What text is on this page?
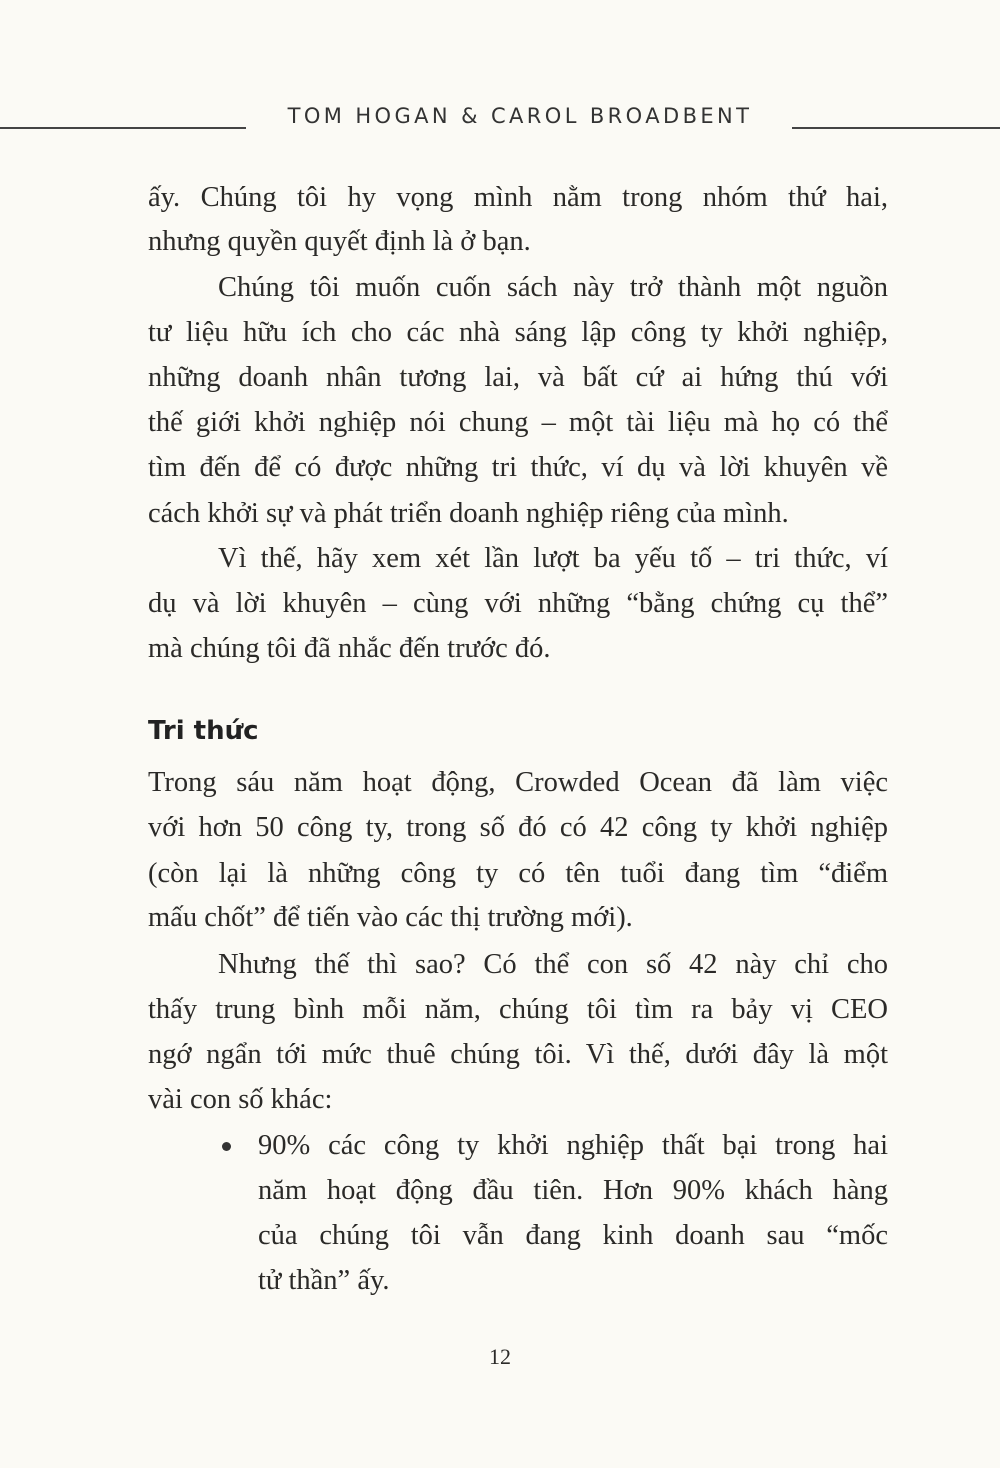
TOM HOGAN & CAROL BROADBENT
ấy. Chúng tôi hy vọng mình nằm trong nhóm thứ hai,
nhưng quyền quyết định là ở bạn.
Chúng tôi muốn cuốn sách này trở thành một nguồn
tư liệu hữu ích cho các nhà sáng lập công ty khởi nghiệp,
những doanh nhân tương lai, và bất cứ ai hứng thú với
thế giới khởi nghiệp nói chung – một tài liệu mà họ có thể
tìm đến để có được những tri thức, ví dụ và lời khuyên về
cách khởi sự và phát triển doanh nghiệp riêng của mình.
Vì thế, hãy xem xét lần lượt ba yếu tố – tri thức, ví
dụ và lời khuyên – cùng với những “bằng chứng cụ thể”
mà chúng tôi đã nhắc đến trước đó.
Tri thức
Trong sáu năm hoạt động, Crowded Ocean đã làm việc
với hơn 50 công ty, trong số đó có 42 công ty khởi nghiệp
(còn lại là những công ty có tên tuổi đang tìm “điểm
mấu chốt” để tiến vào các thị trường mới).
Nhưng thế thì sao? Có thể con số 42 này chỉ cho
thấy trung bình mỗi năm, chúng tôi tìm ra bảy vị CEO
ngớ ngẩn tới mức thuê chúng tôi. Vì thế, dưới đây là một
vài con số khác:
90% các công ty khởi nghiệp thất bại trong hai
năm hoạt động đầu tiên. Hơn 90% khách hàng
của chúng tôi vẫn đang kinh doanh sau “mốc
tử thần” ấy.
12
